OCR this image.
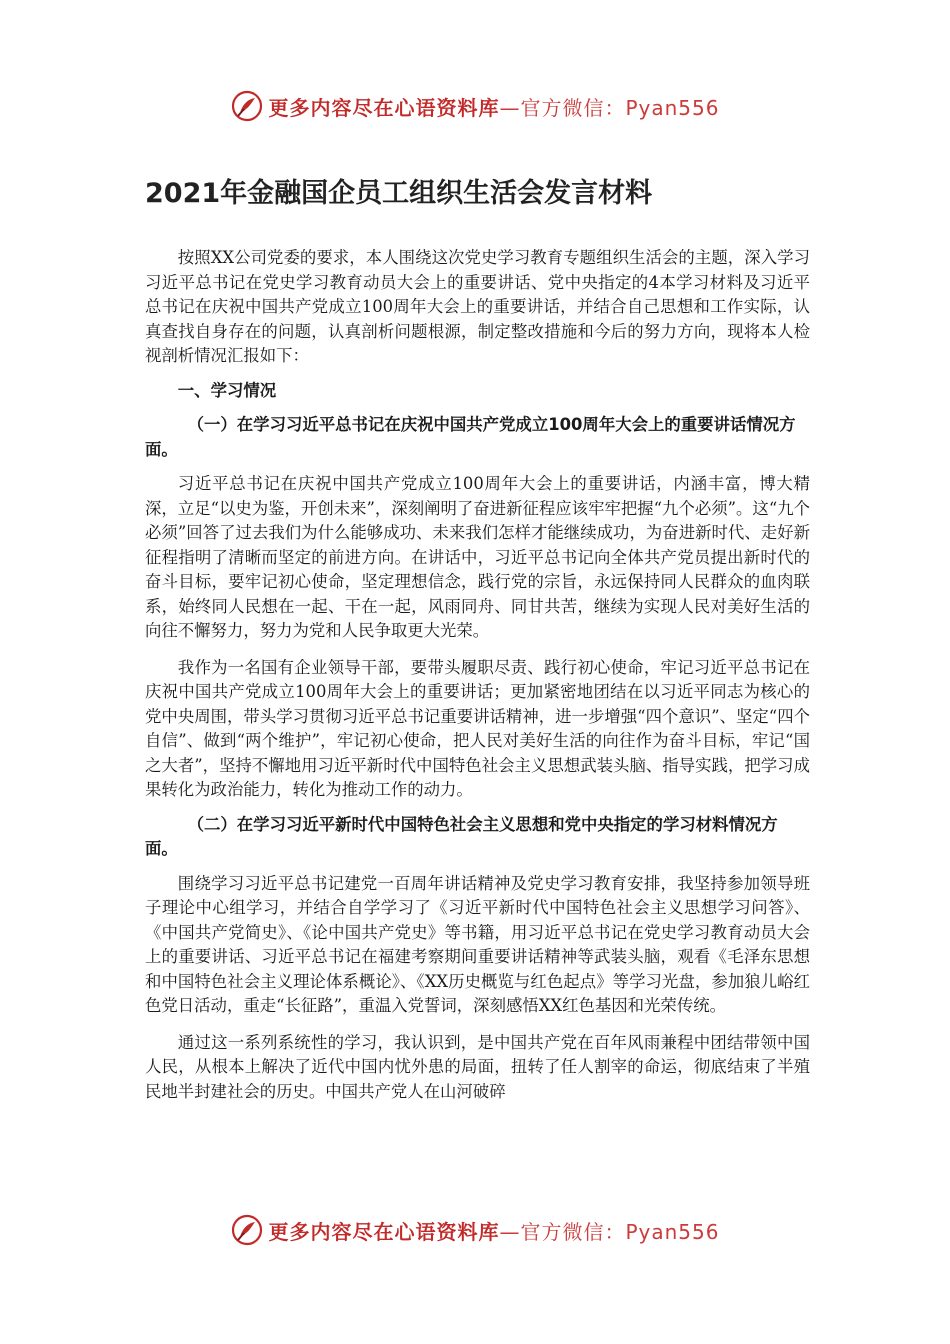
更多内容尽在心语资料库—官方微信：Pyan556
2021年金融国企员工组织生活会发言材料

按照XX公司党委的要求，本人围绕这次党史学习教育专题组织生活会的主题，深入学习习近平总书记在党史学习教育动员大会上的重要讲话、党中央指定的4本学习材料及习近平总书记在庆祝中国共产党成立100周年大会上的重要讲话，并结合自己思想和工作实际，认真查找自身存在的问题，认真剖析问题根源，制定整改措施和今后的努力方向，现将本人检视剖析情况汇报如下：

一、学习情况
（一）在学习习近平总书记在庆祝中国共产党成立100周年大会上的重要讲话情况方面。

习近平总书记在庆祝中国共产党成立100周年大会上的重要讲话，内涵丰富，博大精深，立足“以史为鉴，开创未来”，深刻阐明了奋进新征程应该牢牢把握“九个必须”。这“九个必须”回答了过去我们为什么能够成功、未来我们怎样才能继续成功，为奋进新时代、走好新征程指明了清晰而坚定的前进方向。在讲话中，习近平总书记向全体共产党员提出新时代的奋斗目标，要牢记初心使命，坚定理想信念，践行党的宗旨，永远保持同人民群众的血肉联系，始终同人民想在一起、干在一起，风雨同舟、同甘共苦，继续为实现人民对美好生活的向往不懈努力，努力为党和人民争取更大光荣。

我作为一名国有企业领导干部，要带头履职尽责、践行初心使命，牢记习近平总书记在庆祝中国共产党成立100周年大会上的重要讲话；更加紧密地团结在以习近平同志为核心的党中央周围，带头学习贯彻习近平总书记重要讲话精神，进一步增强“四个意识”、坚定“四个自信”、做到“两个维护”，牢记初心使命，把人民对美好生活的向往作为奋斗目标，牢记“国之大者”，坚持不懈地用习近平新时代中国特色社会主义思想武装头脑、指导实践，把学习成果转化为政治能力，转化为推动工作的动力。

（二）在学习习近平新时代中国特色社会主义思想和党中央指定的学习材料情况方面。

围绕学习习近平总书记建党一百周年讲话精神及党史学习教育安排，我坚持参加领导班子理论中心组学习，并结合自学学习了《习近平新时代中国特色社会主义思想学习问答》、《中国共产党简史》、《论中国共产党史》等书籍，用习近平总书记在党史学习教育动员大会上的重要讲话、习近平总书记在福建考察期间重要讲话精神等武装头脑，观看《毛泽东思想和中国特色社会主义理论体系概论》、《XX历史概览与红色起点》等学习光盘，参加狼儿峪红色党日活动，重走“长征路”，重温入党誓词，深刻感悟XX红色基因和光荣传统。

通过这一系列系统性的学习，我认识到，是中国共产党在百年风雨兼程中团结带领中国人民，从根本上解决了近代中国内忧外患的局面，扭转了任人割宰的命运，彻底结束了半殖民地半封建社会的历史。中国共产党人在山河破碎

更多内容尽在心语资料库—官方微信：Pyan556
